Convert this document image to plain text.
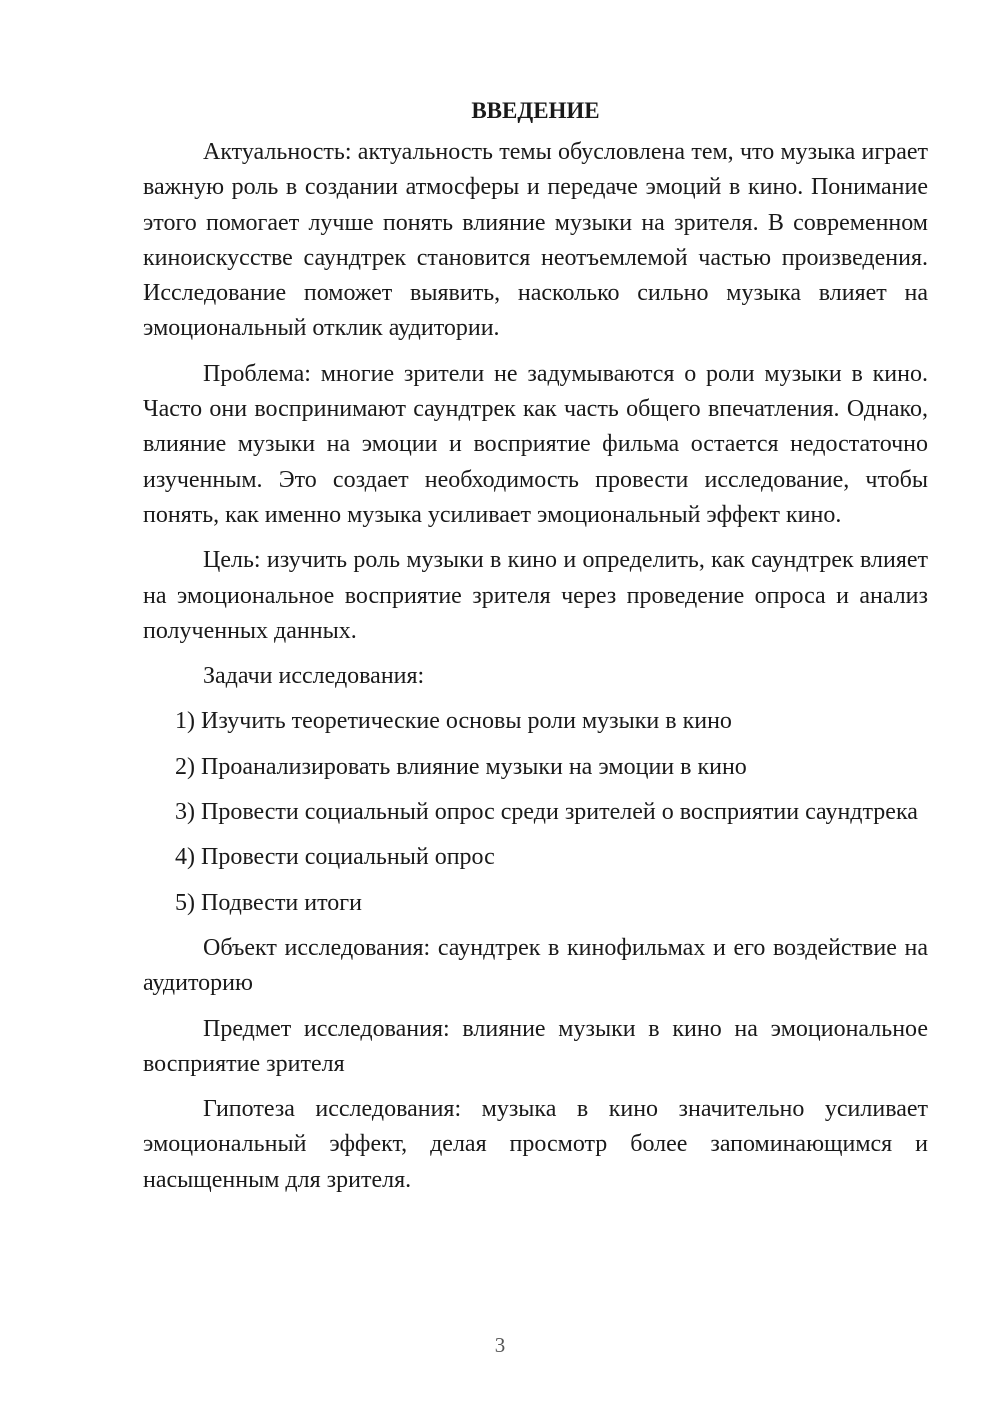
ВВЕДЕНИЕ

Актуальность: актуальность темы обусловлена тем, что музыка играет важную роль в создании атмосферы и передаче эмоций в кино. Понимание этого помогает лучше понять влияние музыки на зрителя. В современном киноискусстве саундтрек становится неотъемлемой частью произведения. Исследование поможет выявить, насколько сильно музыка влияет на эмоциональный отклик аудитории.

Проблема: многие зрители не задумываются о роли музыки в кино. Часто они воспринимают саундтрек как часть общего впечатления. Однако, влияние музыки на эмоции и восприятие фильма остается недостаточно изученным. Это создает необходимость провести исследование, чтобы понять, как именно музыка усиливает эмоциональный эффект кино.

Цель: изучить роль музыки в кино и определить, как саундтрек влияет на эмоциональное восприятие зрителя через проведение опроса и анализ полученных данных.

Задачи исследования:

1) Изучить теоретические основы роли музыки в кино

2) Проанализировать влияние музыки на эмоции в кино

3) Провести социальный опрос среди зрителей о восприятии саундтрека

4) Провести социальный опрос

5) Подвести итоги

Объект исследования: саундтрек в кинофильмах и его воздействие на аудиторию

Предмет исследования: влияние музыки в кино на эмоциональное восприятие зрителя

Гипотеза исследования: музыка в кино значительно усиливает эмоциональный эффект, делая просмотр более запоминающимся и насыщенным для зрителя.

3
